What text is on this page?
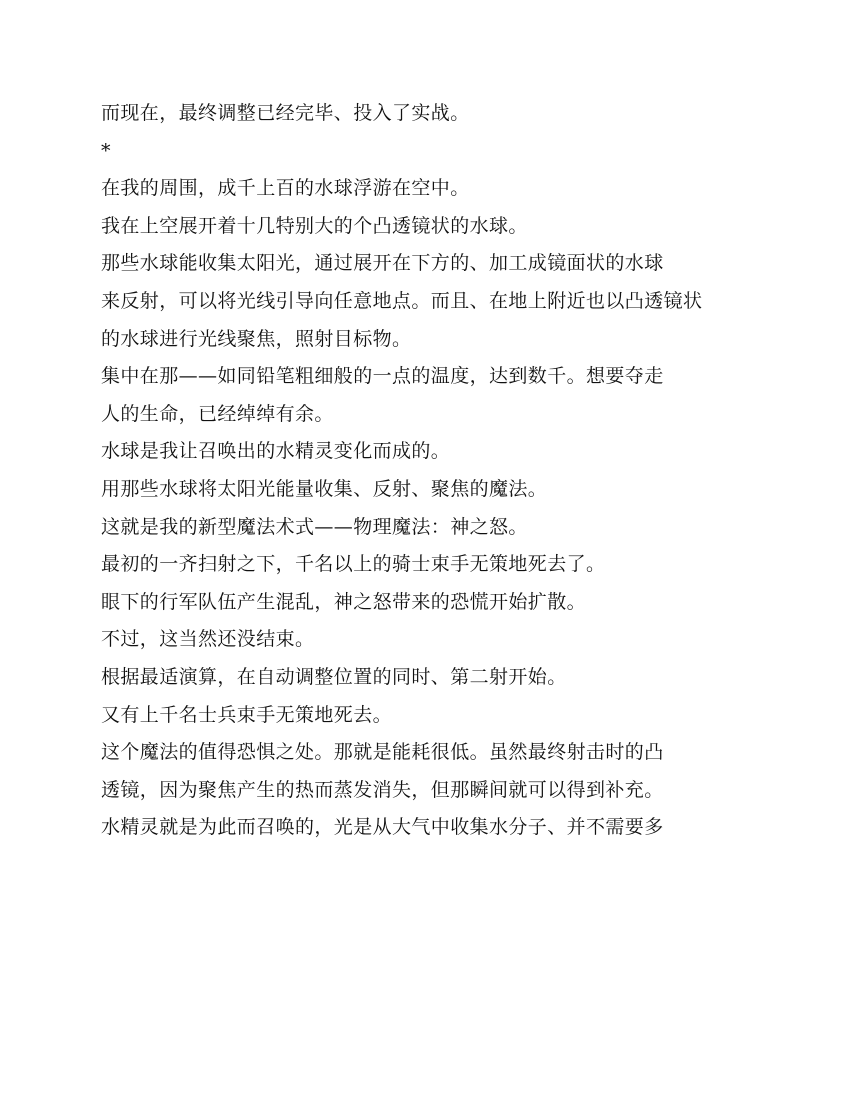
而现在，最终调整已经完毕、投入了实战。
*
在我的周围，成千上百的水球浮游在空中。
我在上空展开着十几特别大的个凸透镜状的水球。
那些水球能收集太阳光，通过展开在下方的、加工成镜面状的水球
来反射，可以将光线引导向任意地点。而且、在地上附近也以凸透镜状
的水球进行光线聚焦，照射目标物。
集中在那——如同铅笔粗细般的一点的温度，达到数千。想要夺走
人的生命，已经绰绰有余。
水球是我让召唤出的水精灵变化而成的。
用那些水球将太阳光能量收集、反射、聚焦的魔法。
这就是我的新型魔法术式——物理魔法：神之怒。
最初的一齐扫射之下，千名以上的骑士束手无策地死去了。
眼下的行军队伍产生混乱，神之怒带来的恐慌开始扩散。
不过，这当然还没结束。
根据最适演算，在自动调整位置的同时、第二射开始。
又有上千名士兵束手无策地死去。
这个魔法的值得恐惧之处。那就是能耗很低。虽然最终射击时的凸
透镜，因为聚焦产生的热而蒸发消失，但那瞬间就可以得到补充。
水精灵就是为此而召唤的，光是从大气中收集水分子、并不需要多
